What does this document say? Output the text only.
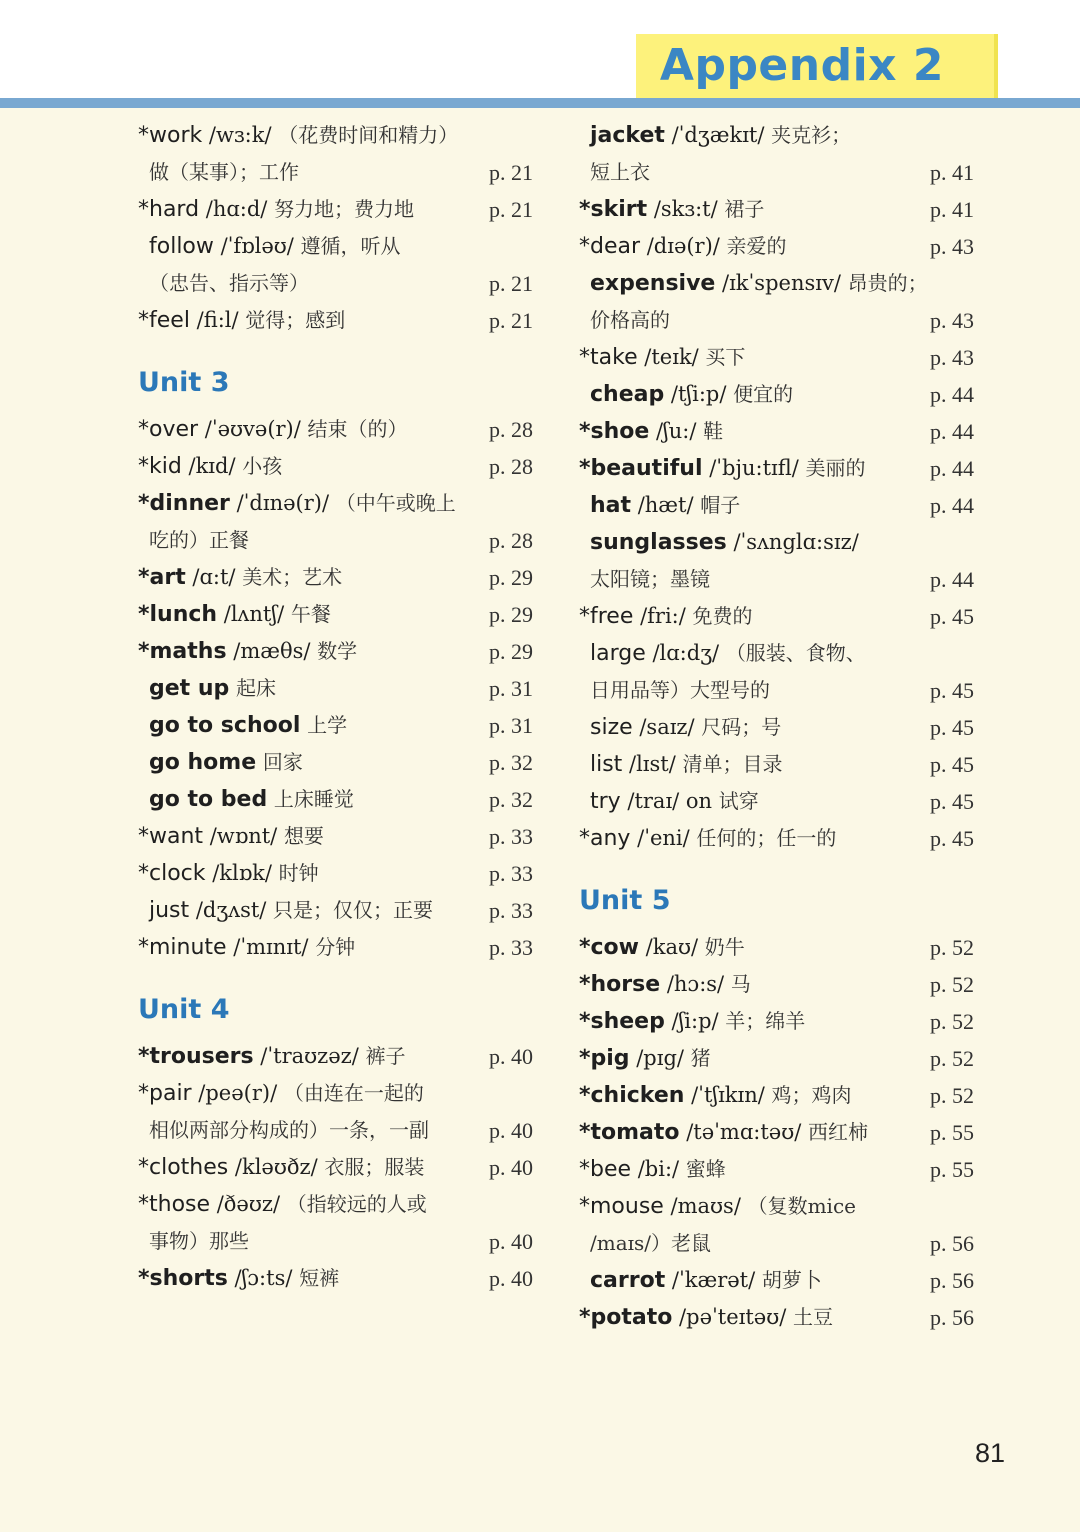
Appendix 2
*work /wɜ:k/ （花费时间和精力）
做（某事）；工作	p. 21
*hard /hɑ:d/ 努力地；费力地	p. 21
follow /ˈfɒləʊ/ 遵循，听从
（忠告、指示等）	p. 21
*feel /fi:l/ 觉得；感到	p. 21
Unit 3
*over /ˈəʊvə(r)/ 结束（的）	p. 28
*kid /kɪd/ 小孩	p. 28
*dinner /ˈdɪnə(r)/ （中午或晚上
吃的）正餐	p. 28
*art /ɑ:t/ 美术；艺术	p. 29
*lunch /lʌntʃ/ 午餐	p. 29
*maths /mæθs/ 数学	p. 29
get up 起床	p. 31
go to school 上学	p. 31
go home 回家	p. 32
go to bed 上床睡觉	p. 32
*want /wɒnt/ 想要	p. 33
*clock /klɒk/ 时钟	p. 33
just /dʒʌst/ 只是；仅仅；正要	p. 33
*minute /ˈmɪnɪt/ 分钟	p. 33
Unit 4
*trousers /ˈtraʊzəz/ 裤子	p. 40
*pair /peə(r)/ （由连在一起的
相似两部分构成的）一条，一副	p. 40
*clothes /kləʊðz/ 衣服；服装	p. 40
*those /ðəʊz/ （指较远的人或
事物）那些	p. 40
*shorts /ʃɔ:ts/ 短裤	p. 40
jacket /ˈdʒækɪt/ 夹克衫；
短上衣	p. 41
*skirt /skɜ:t/ 裙子	p. 41
*dear /dɪə(r)/ 亲爱的	p. 43
expensive /ɪkˈspensɪv/ 昂贵的；
价格高的	p. 43
*take /teɪk/ 买下	p. 43
cheap /tʃi:p/ 便宜的	p. 44
*shoe /ʃu:/ 鞋	p. 44
*beautiful /ˈbju:tɪfl/ 美丽的	p. 44
hat /hæt/ 帽子	p. 44
sunglasses /ˈsʌnglɑ:sɪz/
太阳镜；墨镜	p. 44
*free /fri:/ 免费的	p. 45
large /lɑ:dʒ/ （服装、食物、
日用品等）大型号的	p. 45
size /saɪz/ 尺码；号	p. 45
list /lɪst/ 清单；目录	p. 45
try /traɪ/ on 试穿	p. 45
*any /ˈeni/ 任何的；任一的	p. 45
Unit 5
*cow /kaʊ/ 奶牛	p. 52
*horse /hɔ:s/ 马	p. 52
*sheep /ʃi:p/ 羊；绵羊	p. 52
*pig /pɪg/ 猪	p. 52
*chicken /ˈtʃɪkɪn/ 鸡；鸡肉	p. 52
*tomato /təˈmɑ:təʊ/ 西红柿	p. 55
*bee /bi:/ 蜜蜂	p. 55
*mouse /maʊs/ （复数mice
/maɪs/）老鼠	p. 56
carrot /ˈkærət/ 胡萝卜	p. 56
*potato /pəˈteɪtəʊ/ 土豆	p. 56
81
